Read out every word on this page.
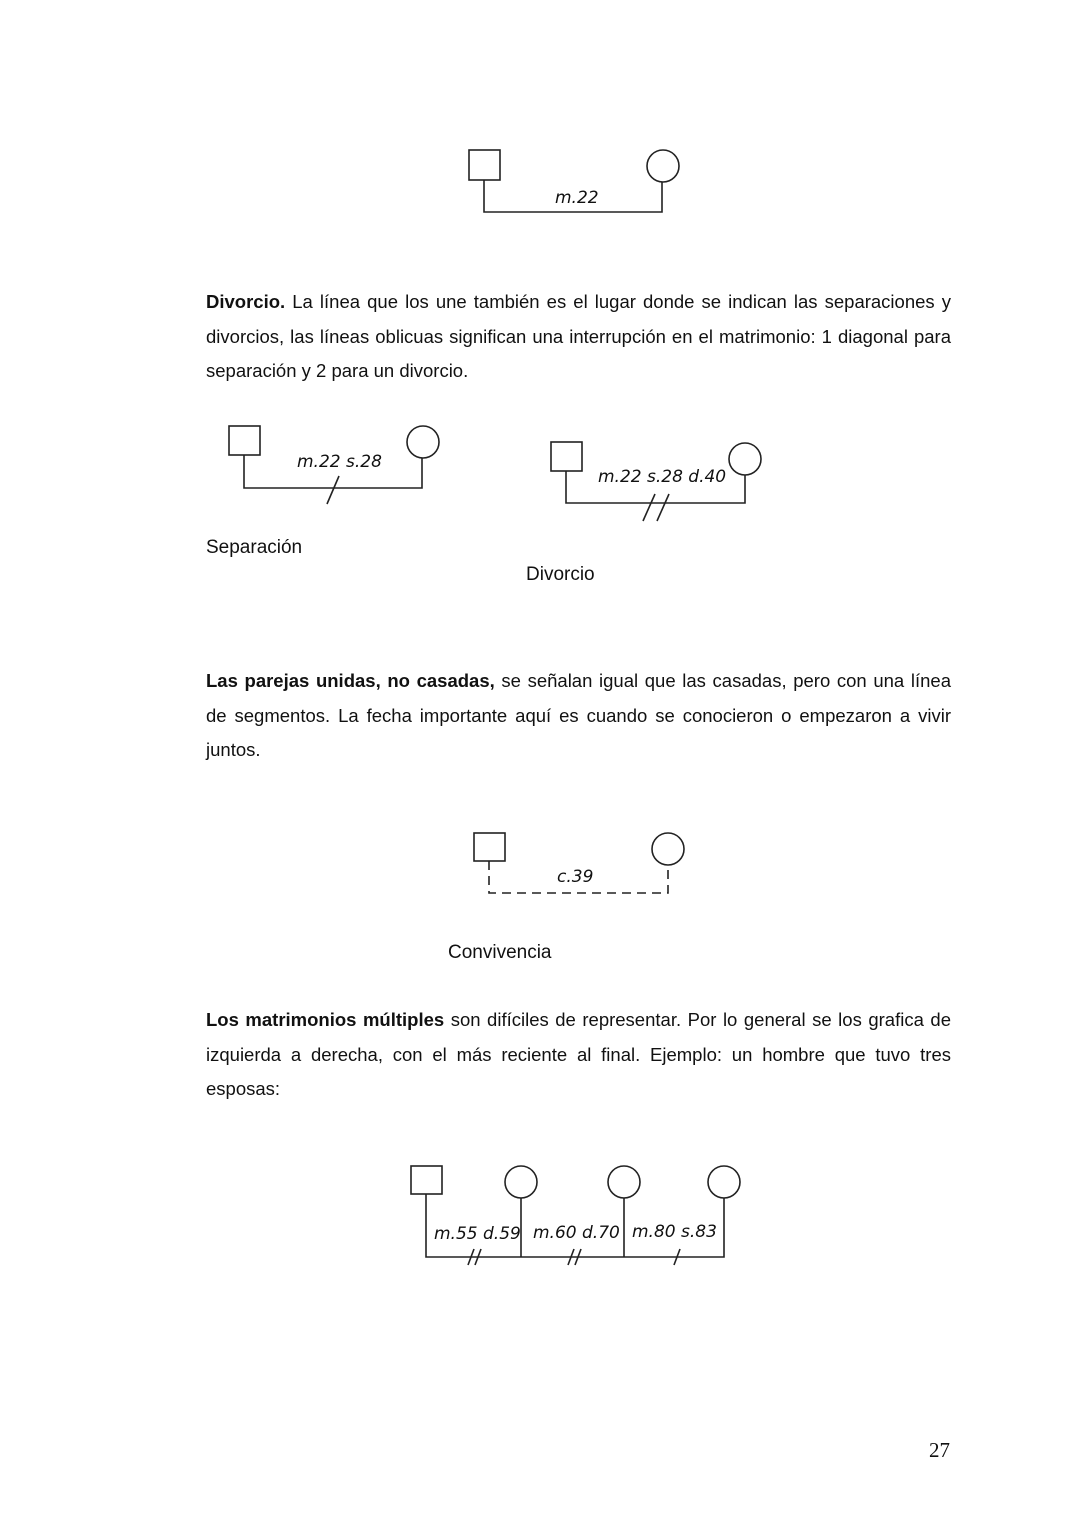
m.22
Divorcio. La línea que los une también es el lugar donde se indican las separaciones y divorcios, las líneas oblicuas significan una interrupción en el matrimonio: 1 diagonal para separación y 2 para un divorcio.
m.22 s.28
m.22 s.28 d.40
Separación
Divorcio
Las parejas unidas, no casadas, se señalan igual que las casadas, pero con una línea de segmentos. La fecha importante aquí es cuando se conocieron o empezaron a vivir juntos.
c.39
Convivencia
Los matrimonios múltiples son difíciles de representar. Por lo general se los grafica de izquierda a derecha, con el más reciente al final. Ejemplo: un hombre que tuvo tres esposas:
m.55 d.59 m.60 d.70 m.80 s.83
27
